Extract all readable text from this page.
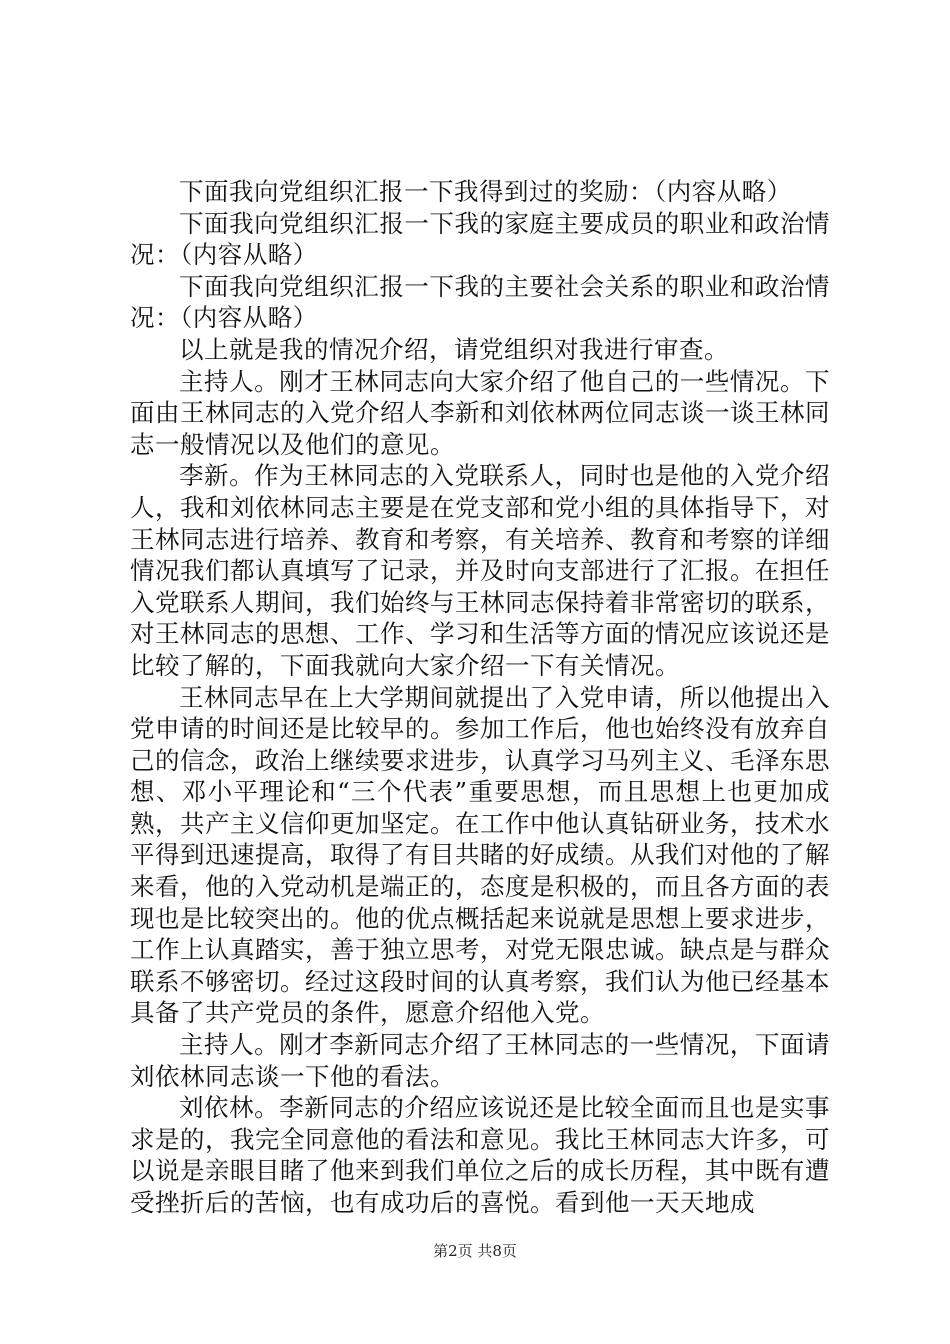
下面我向党组织汇报一下我得到过的奖励：（内容从略）

下面我向党组织汇报一下我的家庭主要成员的职业和政治情况：（内容从略）

下面我向党组织汇报一下我的主要社会关系的职业和政治情况：（内容从略）

以上就是我的情况介绍，请党组织对我进行审查。

主持人。刚才王林同志向大家介绍了他自己的一些情况。下面由王林同志的入党介绍人李新和刘依林两位同志谈一谈王林同志一般情况以及他们的意见。

李新。作为王林同志的入党联系人，同时也是他的入党介绍人，我和刘依林同志主要是在党支部和党小组的具体指导下，对王林同志进行培养、教育和考察，有关培养、教育和考察的详细情况我们都认真填写了记录，并及时向支部进行了汇报。在担任入党联系人期间，我们始终与王林同志保持着非常密切的联系，对王林同志的思想、工作、学习和生活等方面的情况应该说还是比较了解的，下面我就向大家介绍一下有关情况。

王林同志早在上大学期间就提出了入党申请，所以他提出入党申请的时间还是比较早的。参加工作后，他也始终没有放弃自己的信念，政治上继续要求进步，认真学习马列主义、毛泽东思想、邓小平理论和“三个代表”重要思想，而且思想上也更加成熟，共产主义信仰更加坚定。在工作中他认真钻研业务，技术水平得到迅速提高，取得了有目共睹的好成绩。从我们对他的了解来看，他的入党动机是端正的，态度是积极的，而且各方面的表现也是比较突出的。他的优点概括起来说就是思想上要求进步，工作上认真踏实，善于独立思考，对党无限忠诚。缺点是与群众联系不够密切。经过这段时间的认真考察，我们认为他已经基本具备了共产党员的条件，愿意介绍他入党。

主持人。刚才李新同志介绍了王林同志的一些情况，下面请刘依林同志谈一下他的看法。

刘依林。李新同志的介绍应该说还是比较全面而且也是实事求是的，我完全同意他的看法和意见。我比王林同志大许多，可以说是亲眼目睹了他来到我们单位之后的成长历程，其中既有遭受挫折后的苦恼，也有成功后的喜悦。看到他一天天地成

第2页 共8页
